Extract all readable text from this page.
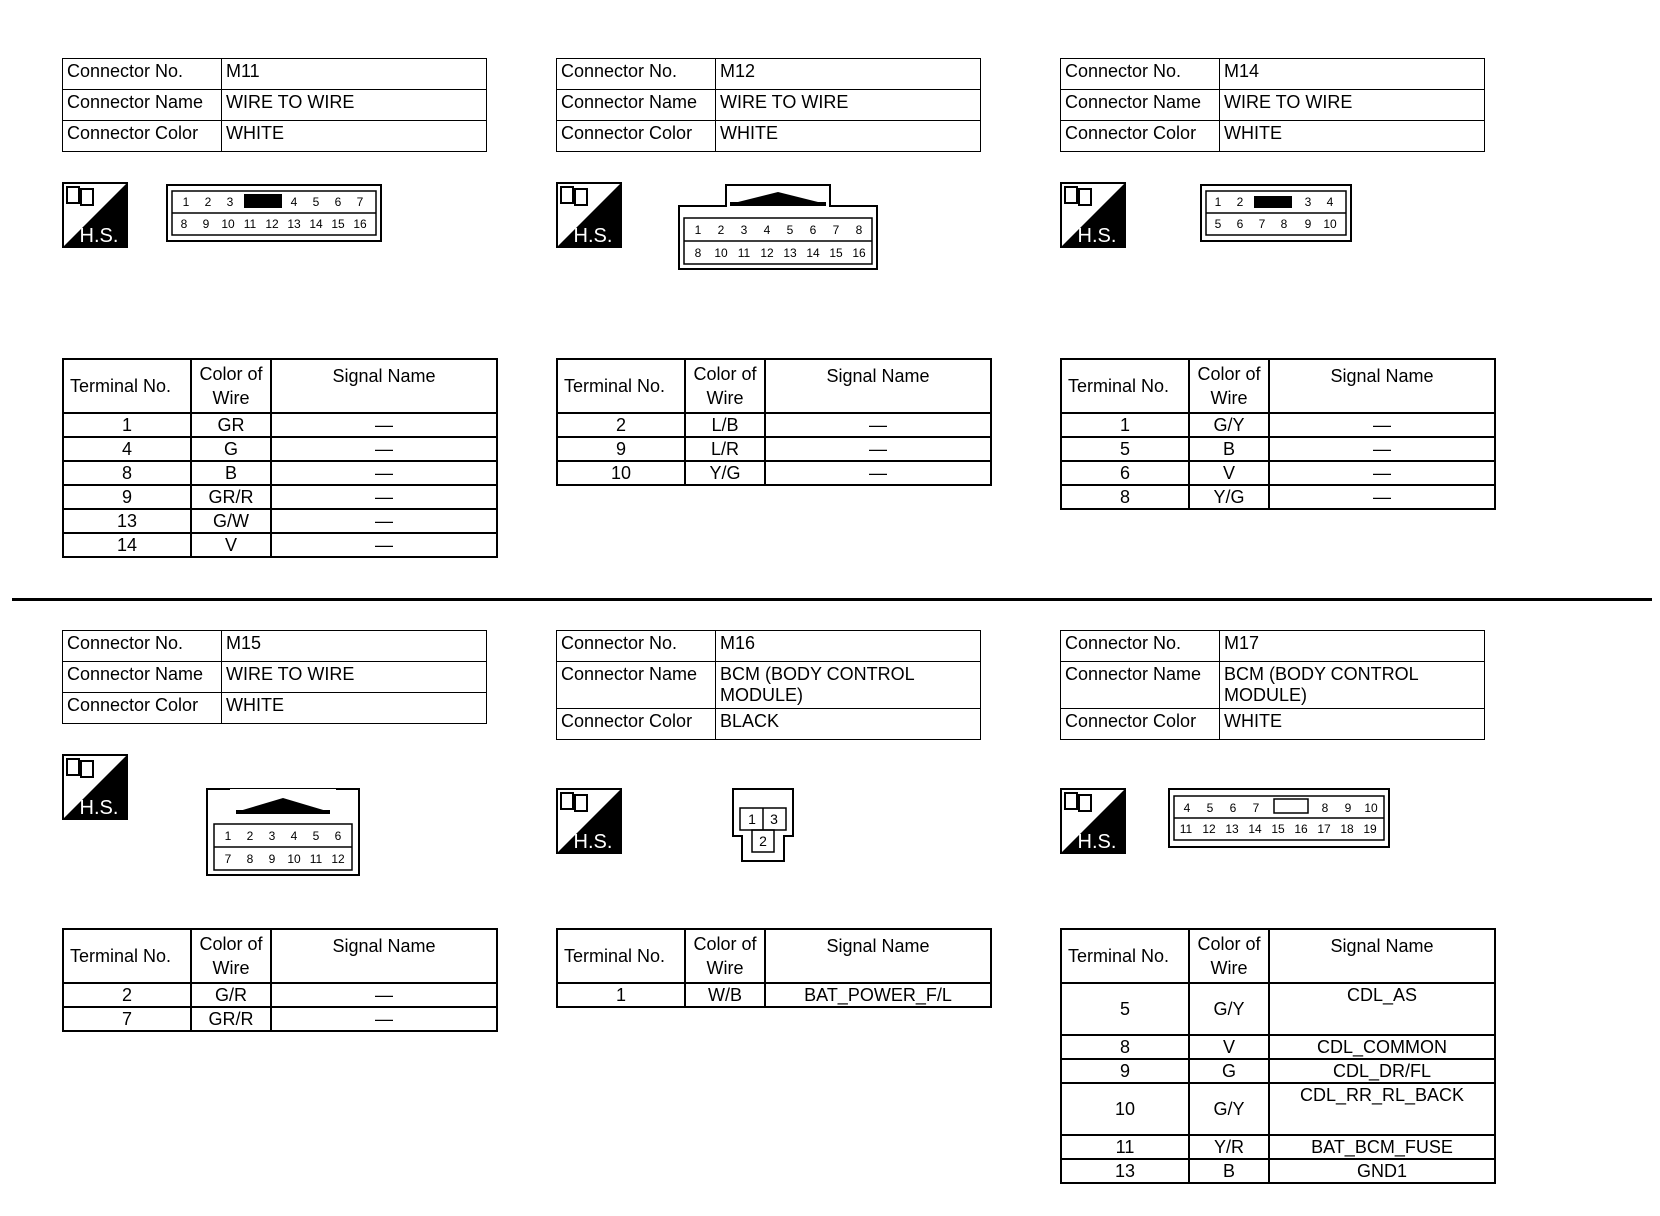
Connector No.	M11
Connector Name	WIRE TO WIRE
Connector Color	WHITE
H.S.
1	2	3	4	5	6	7
8	9 10 11 12 13 14 15 16
Terminal No.	Color of
Wire	Signal Name
1	GR	—
4	G	—
8	B	—
9	GR/R	—
13	G/W	—
14	V	—
Connector No.	M12
Connector Name	WIRE TO WIRE
Connector Color	WHITE
H.S.	1	2	3	4	5	6	7	8
8	10 11 12 13 14 15 16
Terminal No.	Color of
Wire	Signal Name
2	L/B	—
9	L/R	—
10	Y/G	—
Connector No.	M14
Connector Name	WIRE TO WIRE
Connector Color	WHITE
H.S.
1	2	3	4
5	6	7	8	9 10
Terminal No.	Color of
Wire	Signal Name
1	G/Y	—
5	B	—
6	V	—
8	Y/G	—
Connector No.	M15
Connector Name	WIRE TO WIRE
Connector Color	WHITE
H.S.
1	2	3	4	5	6
7	8	9 10 11 12
Terminal No.	Color of
Wire	Signal Name
2	G/R	—
7	GR/R	—
Connector No.	M16
Connector Name	BCM (BODY CONTROL MODULE)
Connector Color	BLACK
H.S.
1	3
2
Terminal No.	Color of
Wire	Signal Name
1	W/B	BAT_POWER_F/L
Connector No.	M17
Connector Name	BCM (BODY CONTROL MODULE)
Connector Color	WHITE
H.S.
4	5	6	7	8	9	10
11 12 13 14 15 16 17 18 19
Terminal No.	Color of
Wire	Signal Name
5	G/Y	CDL_AS
8	V	CDL_COMMON
9	G	CDL_DR/FL
10	G/Y	CDL_RR_RL_BACK
11	Y/R	BAT_BCM_FUSE
13	B	GND1
